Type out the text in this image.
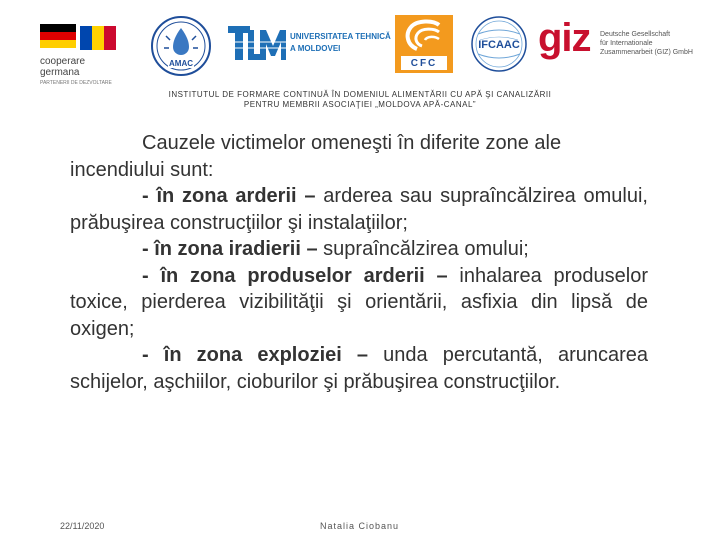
cooperare
germana
PARTENERII DE DEZVOLTARE
AMAC
UNIVERSITATEA TEHNICĂ
A MOLDOVEI
CFC
IFCAAC giz Deutsche Gesellschaft
für Internationale
Zusammenarbeit (GIZ) GmbH
INSTITUTUL DE FORMARE CONTINUĂ ÎN DOMENIUL ALIMENTĂRII CU APĂ ŞI CANALIZĂRII
PENTRU MEMBRII ASOCIAŢIEI „MOLDOVA APĂ-CANAL”

Cauzele victimelor omeneşti în diferite zone ale incendiului sunt:

- în zona arderii – arderea sau supraîncălzirea omului, prăbuşirea construcţiilor şi instalaţiilor;

- în zona iradierii – supraîncălzirea omului;

- în zona produselor arderii – inhalarea produselor toxice, pierderea vizibilităţii şi orientării, asfixia din lipsă de oxigen;

- în zona exploziei – unda percutantă, aruncarea schijelor, aşchiilor, cioburilor şi prăbuşirea construcţiilor.

22/11/2020	Natalia Ciobanu
